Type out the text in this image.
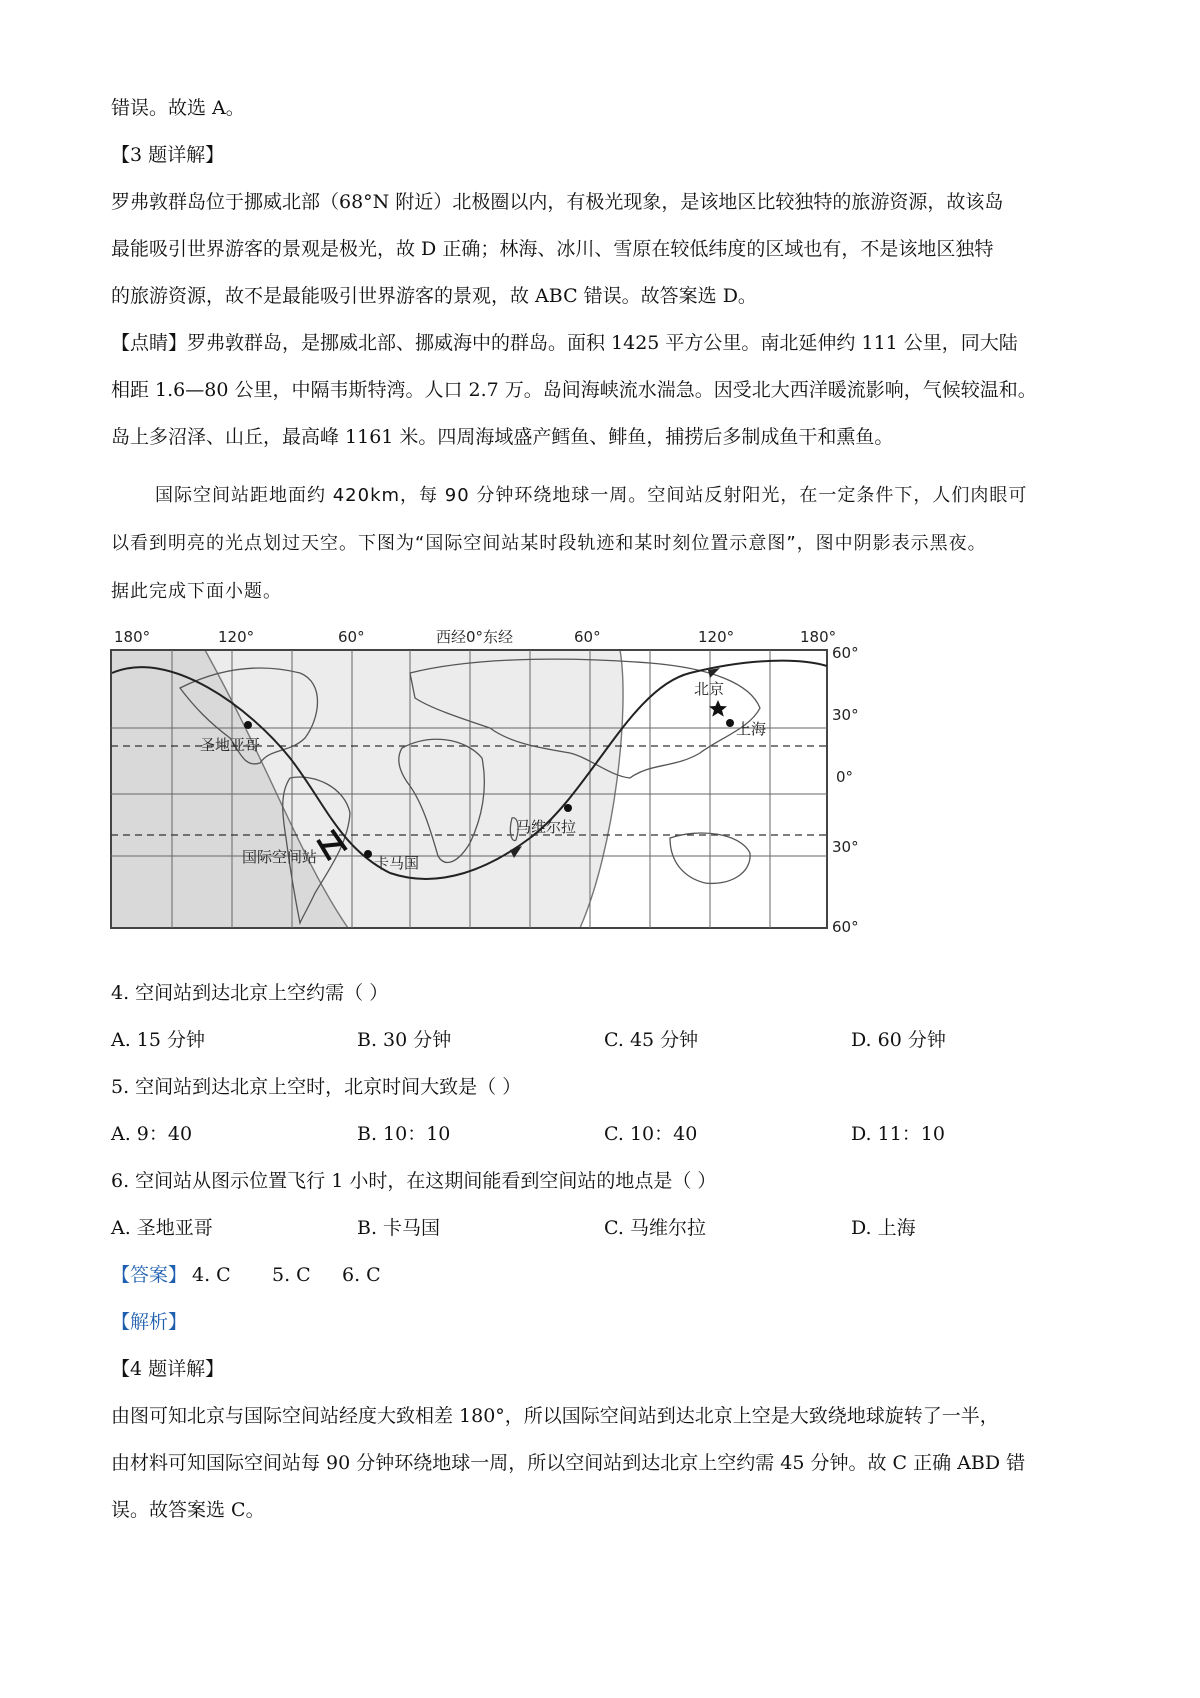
错误。故选 A。
【3 题详解】
罗弗敦群岛位于挪威北部（68°N 附近）北极圈以内，有极光现象，是该地区比较独特的旅游资源，故该岛
最能吸引世界游客的景观是极光，故 D 正确；林海、冰川、雪原在较低纬度的区域也有，不是该地区独特
的旅游资源，故不是最能吸引世界游客的景观，故 ABC 错误。故答案选 D。
【点睛】罗弗敦群岛，是挪威北部、挪威海中的群岛。面积 1425 平方公里。南北延伸约 111 公里，同大陆
相距 1.6—80 公里，中隔韦斯特湾。人口 2.7 万。岛间海峡流水湍急。因受北大西洋暖流影响，气候较温和。
岛上多沼泽、山丘，最高峰 1161 米。四周海域盛产鳕鱼、鲱鱼，捕捞后多制成鱼干和熏鱼。
国际空间站距地面约 420km，每 90 分钟环绕地球一周。空间站反射阳光，在一定条件下，人们肉眼可
以看到明亮的光点划过天空。下图为“国际空间站某时段轨迹和某时刻位置示意图”，图中阴影表示黑夜。
据此完成下面小题。
180°	120°	60°	西经0°东经	60°	120°	180°
60°
30°
0°
30°
60°
北京
上海
圣地亚哥
国际空间站	卡马国
马维尔拉
4. 空间站到达北京上空约需（ ）
A. 15 分钟	B. 30 分钟	C. 45 分钟	D. 60 分钟
5. 空间站到达北京上空时，北京时间大致是（ ）
A. 9：40	B. 10：10	C. 10：40	D. 11：10
6. 空间站从图示位置飞行 1 小时，在这期间能看到空间站的地点是（ ）
A. 圣地亚哥	B. 卡马国	C. 马维尔拉	D. 上海
【答案】 4. C 5. C 6. C
【解析】
【4 题详解】
由图可知北京与国际空间站经度大致相差 180°，所以国际空间站到达北京上空是大致绕地球旋转了一半，
由材料可知国际空间站每 90 分钟环绕地球一周，所以空间站到达北京上空约需 45 分钟。故 C 正确 ABD 错
误。故答案选 C。
